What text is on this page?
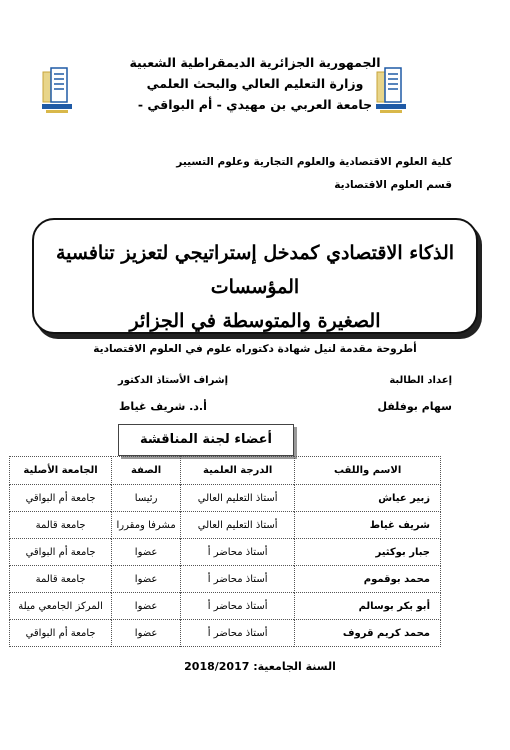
الجمهورية الجزائرية الديمقراطية الشعبية
وزارة التعليم العالي والبحث العلمي
جامعة العربي بن مهيدي - أم البواقي -
كلية العلوم الاقتصادية والعلوم التجارية وعلوم التسيير
قسم العلوم الاقتصادية
الذكاء الاقتصادي كمدخل إستراتيجي لتعزيز تنافسية المؤسسات
الصغيرة والمتوسطة في الجزائر
أطروحة مقدمة لنيل شهادة دكتوراه علوم في العلوم الاقتصادية
إعداد الطالبة
سهام بوفلفل
إشراف الأستاذ الدكتور
أ.د. شريف غياط
أعضاء لجنة المناقشة
الاسم واللقب	الدرجة العلمية	الصفة	الجامعة الأصلية
زبير عياش	أستاذ التعليم العالي	رئيسا	جامعة أم البواقي
شريف غياط	أستاذ التعليم العالي	مشرفا ومقررا	جامعة قالمة
جبار بوكثير	أستاذ محاضر أ	عضوا	جامعة أم البواقي
محمد بوقموم	أستاذ محاضر أ	عضوا	جامعة قالمة
أبو بكر بوسالم	أستاذ محاضر أ	عضوا	المركز الجامعي ميلة
محمد كريم قروف	أستاذ محاضر أ	عضوا	جامعة أم البواقي
السنة الجامعية: 2018/2017
